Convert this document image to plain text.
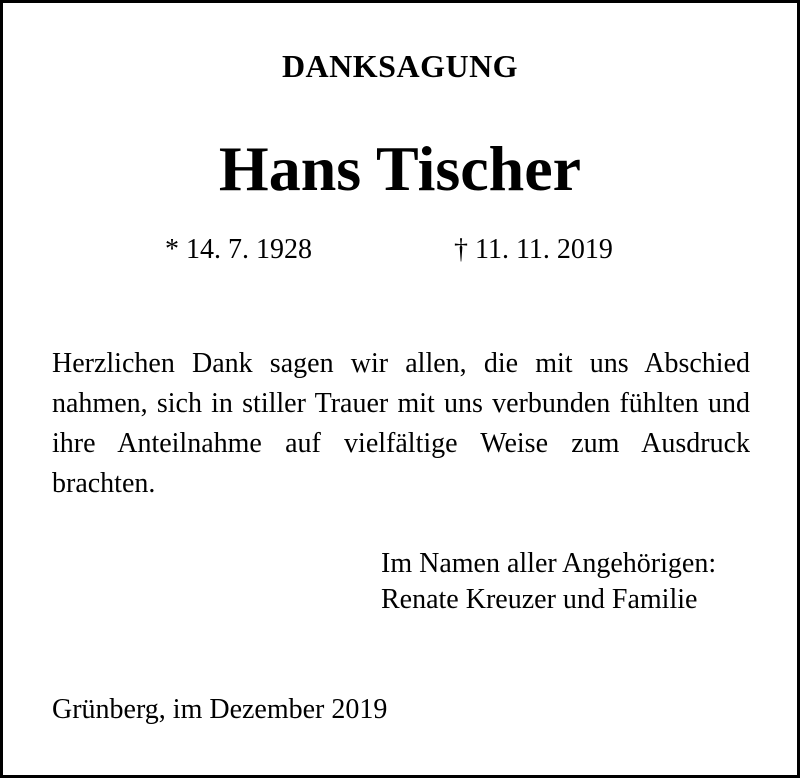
DANKSAGUNG
Hans Tischer
* 14. 7. 1928	† 11. 11. 2019
Herzlichen Dank sagen wir allen, die mit uns Abschied nahmen, sich in stiller Trauer mit uns verbunden fühlten und ihre Anteilnahme auf vielfältige Weise zum Ausdruck brachten.
Im Namen aller Angehörigen:
Renate Kreuzer und Familie
Grünberg, im Dezember 2019
